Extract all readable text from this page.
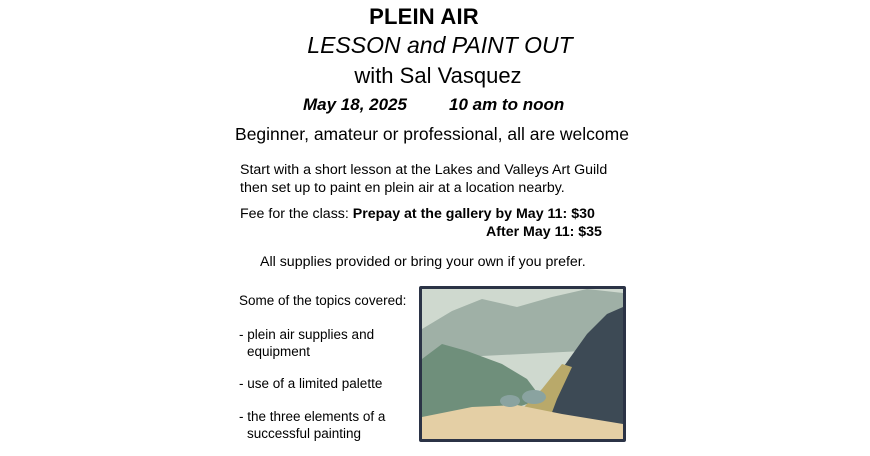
PLEIN AIR
LESSON and PAINT OUT
with Sal Vasquez
May 18, 2025 10 am to noon
Beginner, amateur or professional, all are welcome
Start with a short lesson at the Lakes and Valleys Art Guild
then set up to paint en plein air at a location nearby.
Fee for the class: Prepay at the gallery by May 11: $30
After May 11: $35
All supplies provided or bring your own if you prefer.
Some of the topics covered:
- plein air supplies and
equipment
- use of a limited palette
- the three elements of a
successful painting
